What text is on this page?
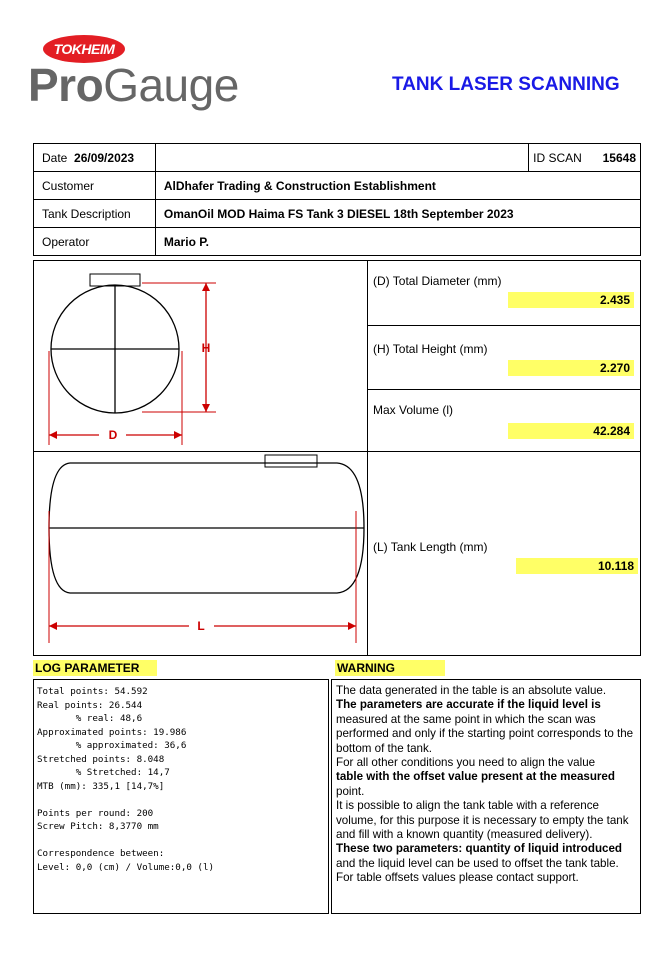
TOKHEIM
ProGauge	TANK LASER SCANNING
Date 26/09/2023		ID SCAN 15648

Customer	AlDhafer Trading & Construction Establishment	
Tank Description	OmanOil MOD Haima FS Tank 3 DIESEL 18th September 2023	
Operator	Mario P.	
H
D
L
(D) Total Diameter (mm)
2.435
(H) Total Height (mm)
2.270
Max Volume (l)
42.284
(L) Tank Length (mm)
10.118
LOG PARAMETER	WARNING
Total points: 54.592
Real points: 26.544
% real: 48,6
Approximated points: 19.986
% approximated: 36,6
Stretched points: 8.048
% Stretched: 14,7
MTB (mm): 335,1 [14,7%]

Points per round: 200
Screw Pitch: 8,3770 mm

Correspondence between:
Level: 0,0 (cm) / Volume:0,0 (l)

The data generated in the table is an absolute value.

The parameters are accurate if the liquid level is

measured at the same point in which the scan was performed and only if the starting point corresponds to the bottom of the tank.

For all other conditions you need to align the value

table with the offset value present at the measured

point.

It is possible to align the tank table with a reference volume, for this purpose it is necessary to empty the tank and fill with a known quantity (measured delivery).

These two parameters: quantity of liquid introduced

and the liquid level can be used to offset the tank table.

For table offsets values please contact support.
